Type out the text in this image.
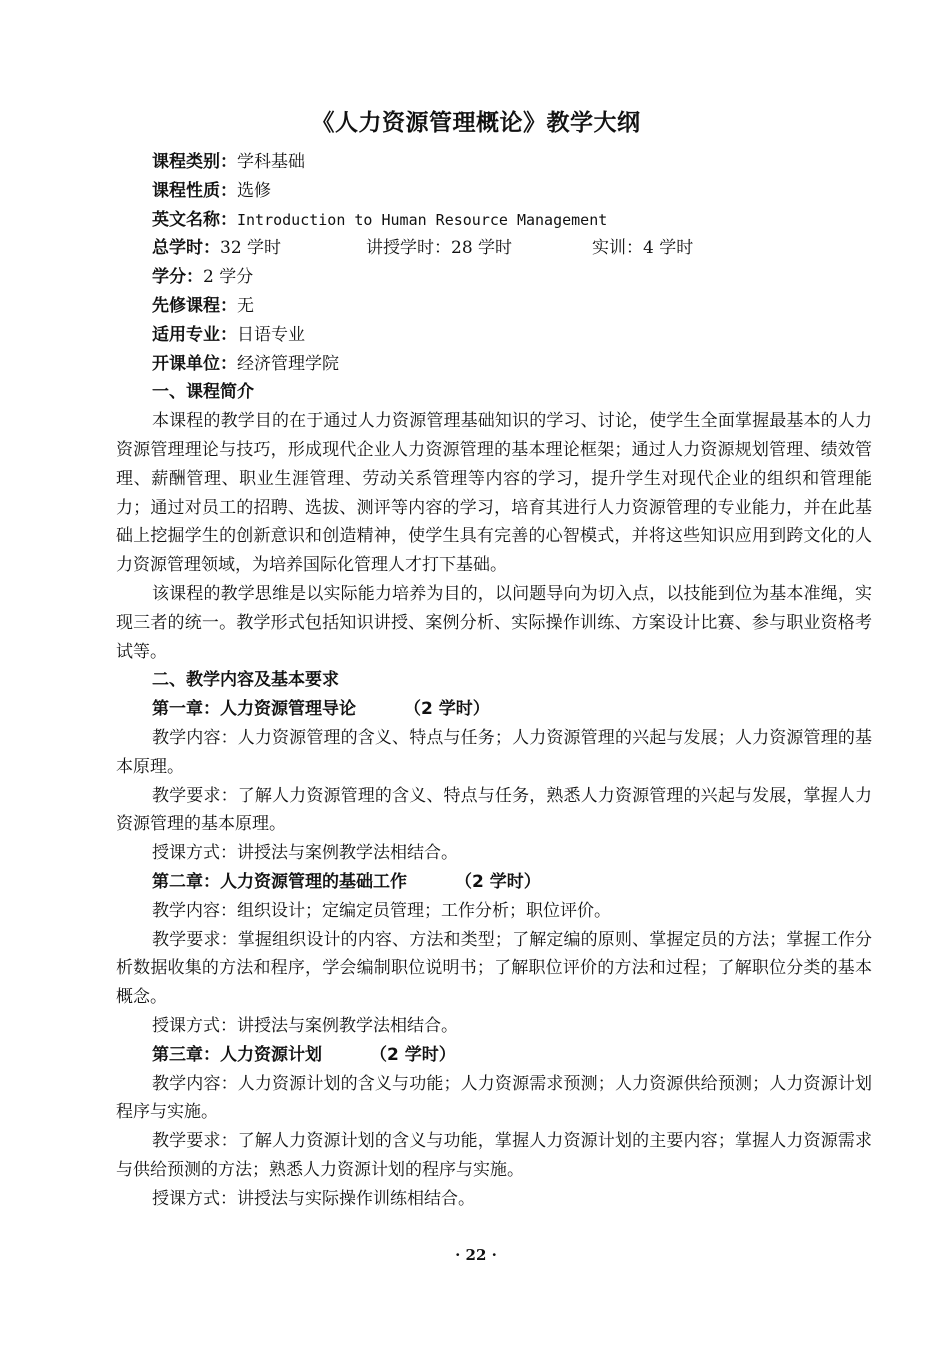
《人力资源管理概论》教学大纲
课程类别：学科基础
课程性质：选修
英文名称：Introduction to Human Resource Management
总学时：32 学时	讲授学时：28 学时	实训：4 学时
学分：2 学分
先修课程：无
适用专业：日语专业
开课单位：经济管理学院
一、课程简介

本课程的教学目的在于通过人力资源管理基础知识的学习、讨论，使学生全面掌握最基本的人力资源管理理论与技巧，形成现代企业人力资源管理的基本理论框架；通过人力资源规划管理、绩效管理、薪酬管理、职业生涯管理、劳动关系管理等内容的学习，提升学生对现代企业的组织和管理能力；通过对员工的招聘、选拔、测评等内容的学习，培育其进行人力资源管理的专业能力，并在此基础上挖掘学生的创新意识和创造精神，使学生具有完善的心智模式，并将这些知识应用到跨文化的人力资源管理领域，为培养国际化管理人才打下基础。

该课程的教学思维是以实际能力培养为目的，以问题导向为切入点，以技能到位为基本准绳，实现三者的统一。教学形式包括知识讲授、案例分析、实际操作训练、方案设计比赛、参与职业资格考试等。

二、教学内容及基本要求
第一章：人力资源管理导论	（2 学时）

教学内容：人力资源管理的含义、特点与任务；人力资源管理的兴起与发展；人力资源管理的基本原理。

教学要求：了解人力资源管理的含义、特点与任务，熟悉人力资源管理的兴起与发展，掌握人力资源管理的基本原理。

授课方式：讲授法与案例教学法相结合。

第二章：人力资源管理的基础工作	（2 学时）

教学内容：组织设计；定编定员管理；工作分析；职位评价。

教学要求：掌握组织设计的内容、方法和类型；了解定编的原则、掌握定员的方法；掌握工作分析数据收集的方法和程序，学会编制职位说明书；了解职位评价的方法和过程；了解职位分类的基本概念。

授课方式：讲授法与案例教学法相结合。

第三章：人力资源计划	（2 学时）

教学内容：人力资源计划的含义与功能；人力资源需求预测；人力资源供给预测；人力资源计划程序与实施。

教学要求：了解人力资源计划的含义与功能，掌握人力资源计划的主要内容；掌握人力资源需求与供给预测的方法；熟悉人力资源计划的程序与实施。

授课方式：讲授法与实际操作训练相结合。

· 22 ·
